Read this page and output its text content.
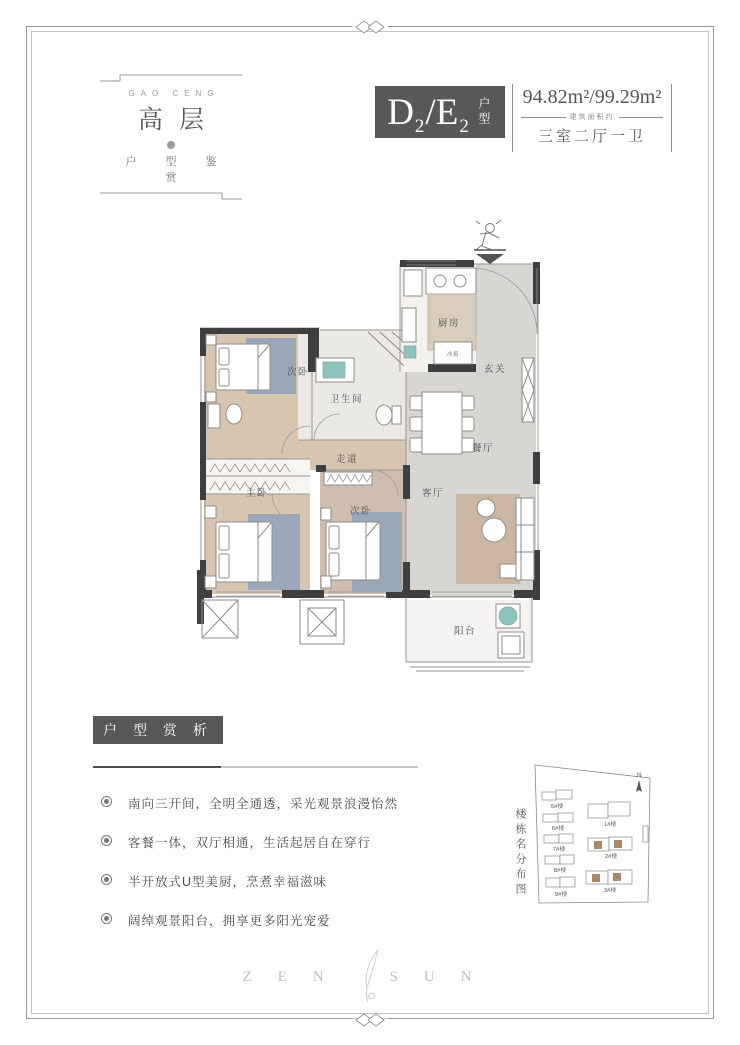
GAO CENG
高层
户 型 鉴 赏
D 2 / E 2 户型	94.82m²/99.29m²
建筑面积约
三室二厅一卫
冰箱
次卧
卫生间
厨房
玄关
餐厅
走道
主卧
次卧
客厅
阳台
户 型 赏 析
南向三开间，全明全通透，采光观景浪漫怡然
客餐一体，双厅相通，生活起居自在穿行
半开放式U型美厨，烹煮幸福滋味
阔绰观景阳台，拥享更多阳光宠爱
楼栋名分布图
N
5#楼
6#楼
7#楼
8#楼
9#楼
1#楼
2#楼
3#楼
ZEN	SUN
